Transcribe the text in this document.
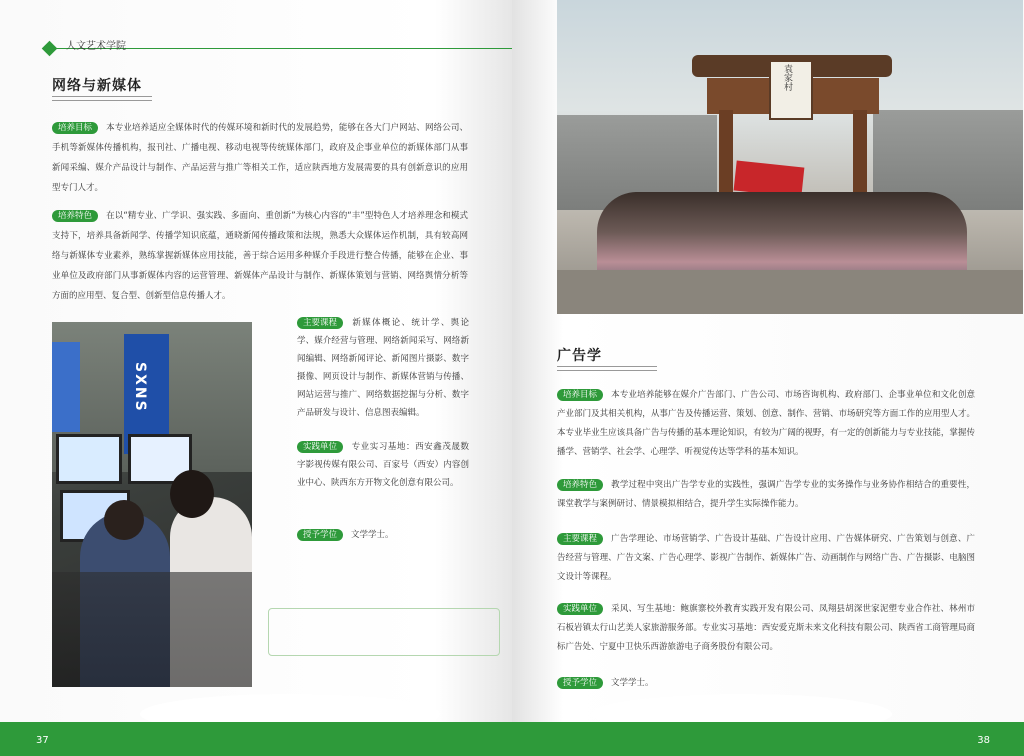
人文艺术学院
网络与新媒体
培养目标 本专业培养适应全媒体时代的传媒环境和新时代的发展趋势，能够在各大门户网站、网络公司、手机等新媒体传播机构，报刊社、广播电视、移动电视等传统媒体部门，政府及企事业单位的新媒体部门从事新闻采编、媒介产品设计与制作、产品运营与推广等相关工作，适应陕西地方发展需要的具有创新意识的应用型专门人才。
培养特色 在以“精专业、广学识、强实践、多面向、重创新”为核心内容的“丰”型特色人才培养理念和模式支持下，培养具备新闻学、传播学知识底蕴，通晓新闻传播政策和法规，熟悉大众媒体运作机制，具有较高网络与新媒体专业素养，熟练掌握新媒体应用技能，善于综合运用多种媒介手段进行整合传播，能够在企业、事业单位及政府部门从事新媒体内容的运营管理、新媒体产品设计与制作、新媒体策划与营销、网络舆情分析等方面的应用型、复合型、创新型信息传播人才。
SXNS
主要课程 新媒体概论、统计学、舆论学、媒介经营与管理、网络新闻采写、网络新闻编辑、网络新闻评论、新闻图片摄影、数字摄像、网页设计与制作、新媒体营销与传播、网站运营与推广、网络数据挖掘与分析、数字产品研发与设计、信息图表编辑。
实践单位 专业实习基地：西安鑫茂晟数字影视传媒有限公司、百家号（西安）内容创业中心、陕西东方开物文化创意有限公司。
授予学位 文学学士。
37
袁家村
广告学
培养目标 本专业培养能够在媒介广告部门、广告公司、市场咨询机构、政府部门、企事业单位和文化创意产业部门及其相关机构，从事广告及传播运营、策划、创意、制作、营销、市场研究等方面工作的应用型人才。本专业毕业生应该具备广告与传播的基本理论知识，有较为广阔的视野，有一定的创新能力与专业技能，掌握传播学、营销学、社会学、心理学、听视觉传达等学科的基本知识。
培养特色 教学过程中突出广告学专业的实践性，强调广告学专业的实务操作与业务协作相结合的重要性，课堂教学与案例研讨、情景模拟相结合，提升学生实际操作能力。
主要课程 广告学理论、市场营销学、广告设计基础、广告设计应用、广告媒体研究、广告策划与创意、广告经营与管理、广告文案、广告心理学、影视广告制作、新媒体广告、动画制作与网络广告、广告摄影、电脑图文设计等课程。
实践单位 采风、写生基地：鲍旗寨校外教育实践开发有限公司、凤翔县胡深世家泥塑专业合作社、林州市石板岩镇太行山艺美人家旅游服务部。专业实习基地：西安爱克斯未来文化科技有限公司、陕西省工商管理局商标广告处、宁夏中卫快乐西游旅游电子商务股份有限公司。
授予学位 文学学士。
38
